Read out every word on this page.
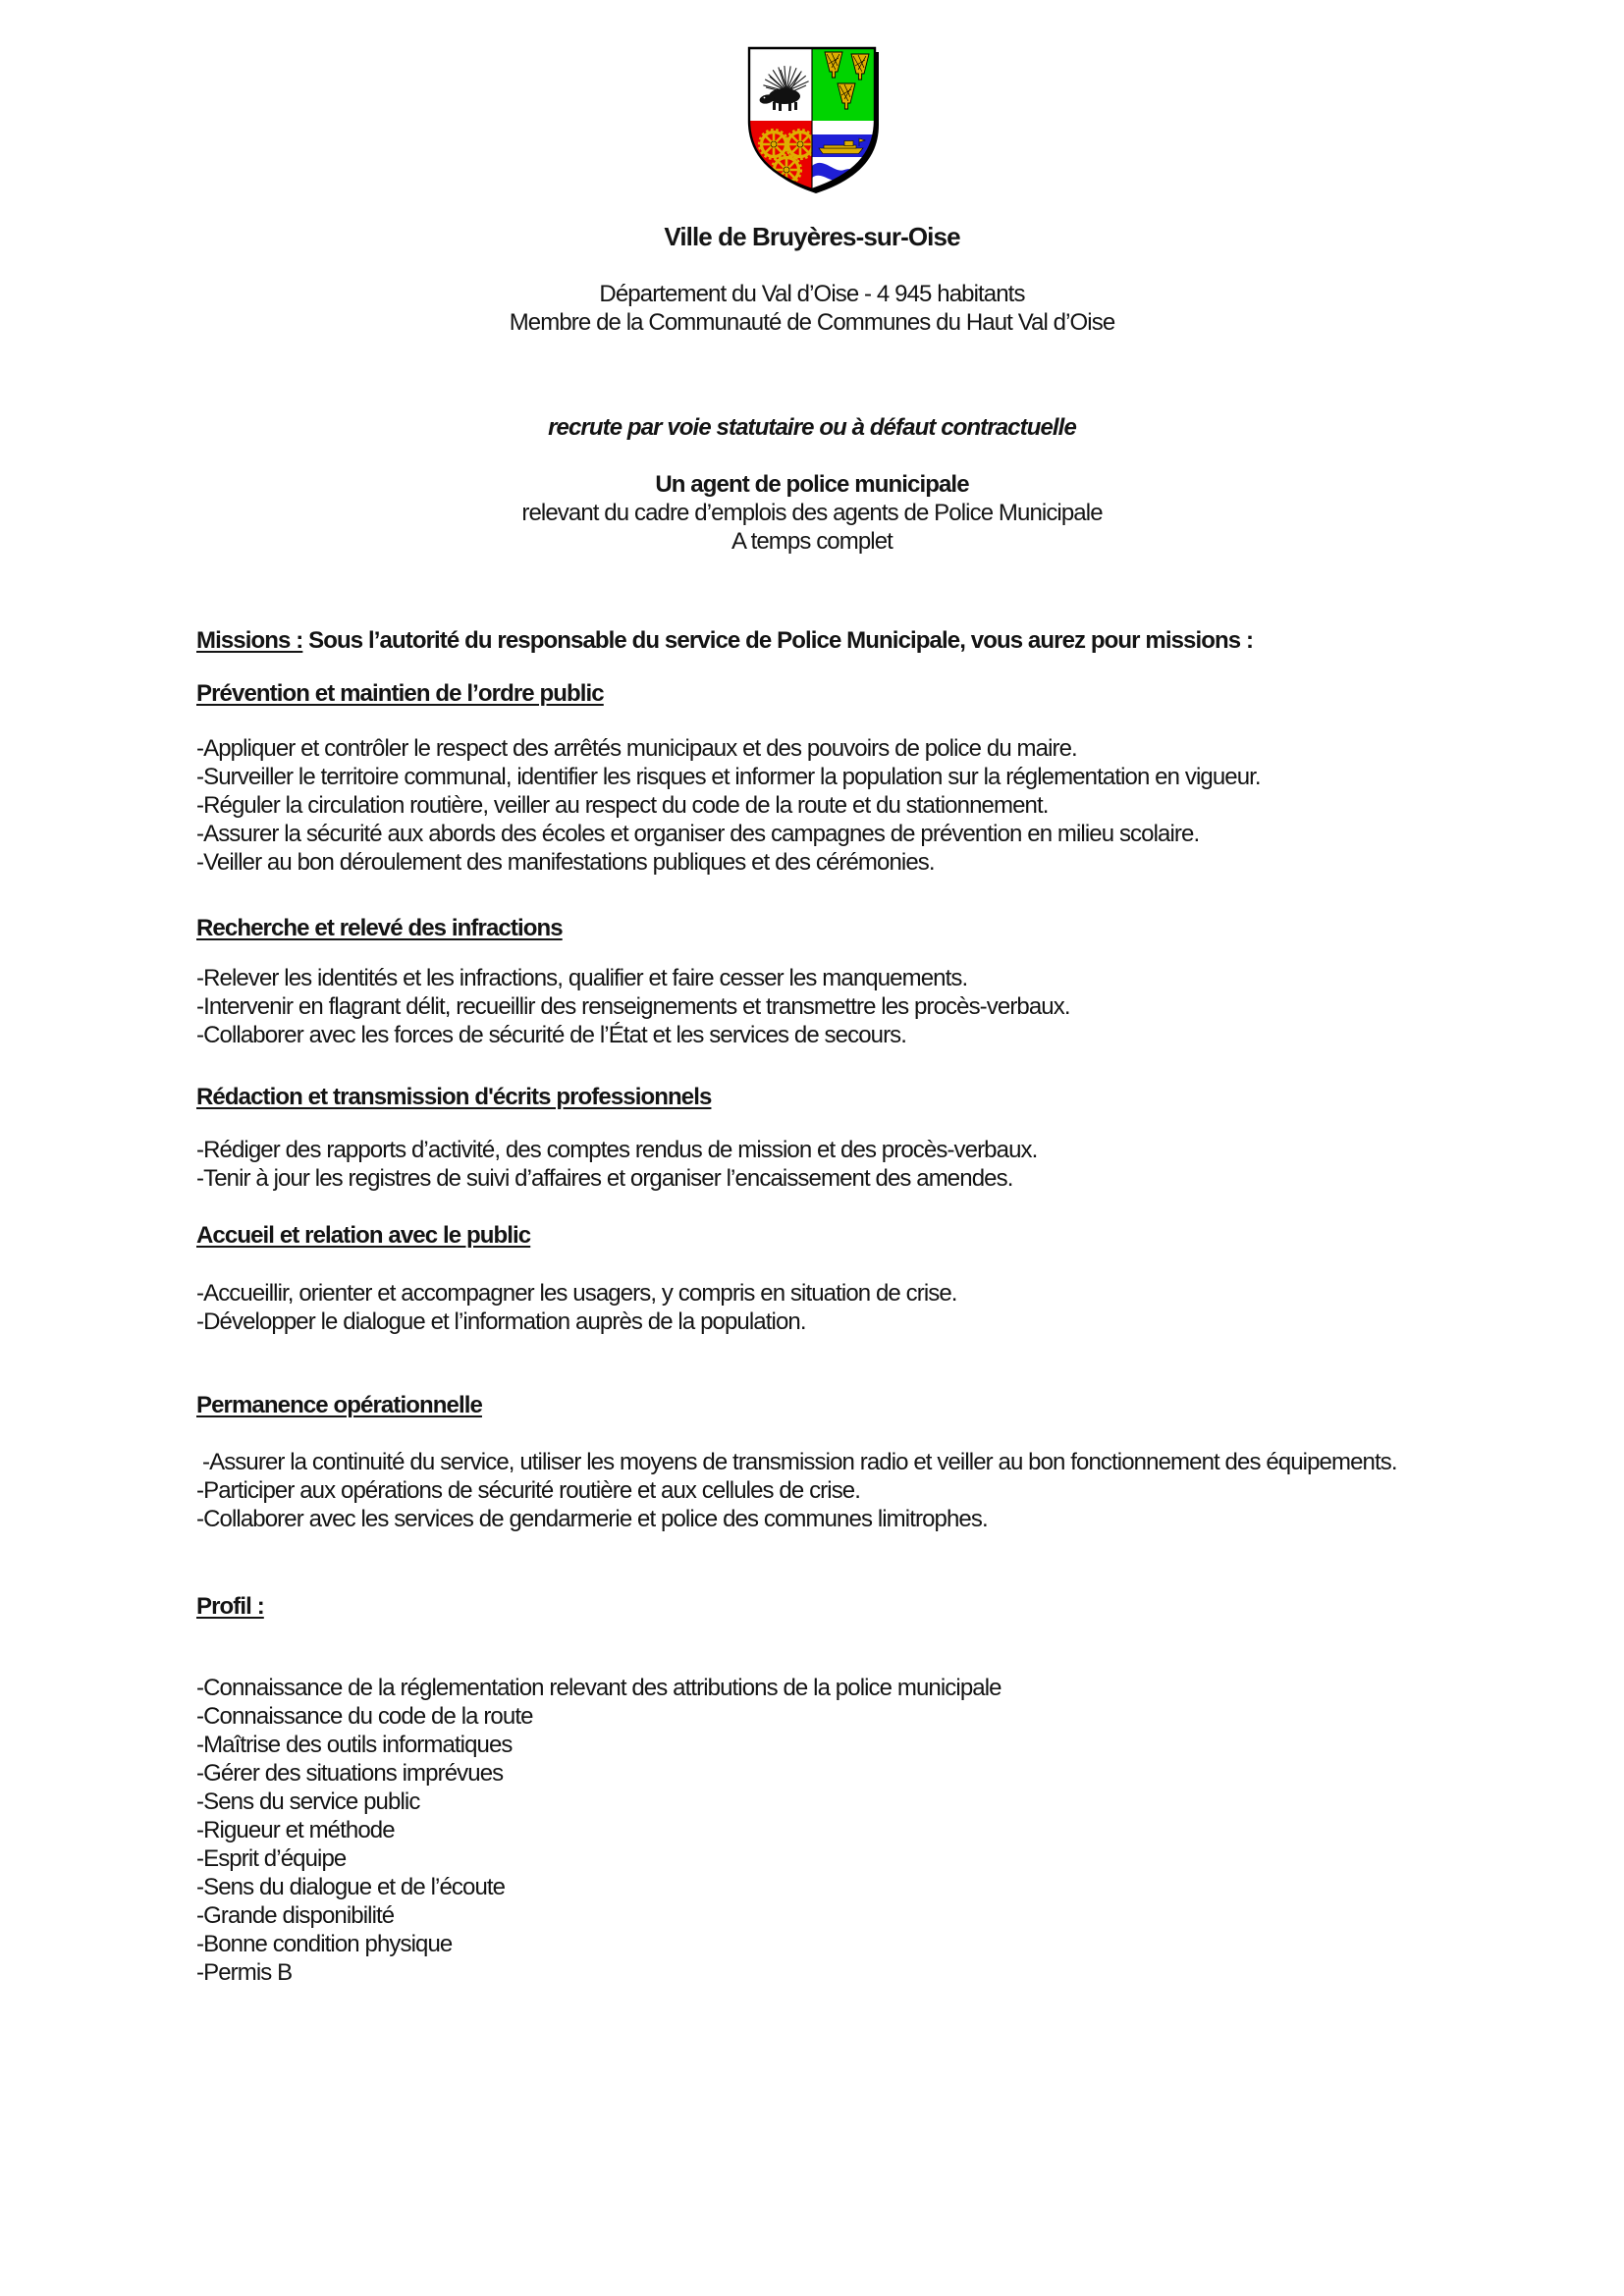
Ville de Bruyères-sur-Oise
Département du Val d’Oise - 4 945 habitants
Membre de la Communauté de Communes du Haut Val d’Oise
recrute par voie statutaire ou à défaut contractuelle
Un agent de police municipale
relevant du cadre d’emplois des agents de Police Municipale
A temps complet
Missions : Sous l’autorité du responsable du service de Police Municipale, vous aurez pour missions :
Prévention et maintien de l’ordre public
-Appliquer et contrôler le respect des arrêtés municipaux et des pouvoirs de police du maire.
-Surveiller le territoire communal, identifier les risques et informer la population sur la réglementation en vigueur.
-Réguler la circulation routière, veiller au respect du code de la route et du stationnement.
-Assurer la sécurité aux abords des écoles et organiser des campagnes de prévention en milieu scolaire.
-Veiller au bon déroulement des manifestations publiques et des cérémonies.
Recherche et relevé des infractions
-Relever les identités et les infractions, qualifier et faire cesser les manquements.
-Intervenir en flagrant délit, recueillir des renseignements et transmettre les procès-verbaux.
-Collaborer avec les forces de sécurité de l’État et les services de secours.
Rédaction et transmission d'écrits professionnels
-Rédiger des rapports d’activité, des comptes rendus de mission et des procès-verbaux.
-Tenir à jour les registres de suivi d’affaires et organiser l’encaissement des amendes.
Accueil et relation avec le public
-Accueillir, orienter et accompagner les usagers, y compris en situation de crise.
-Développer le dialogue et l’information auprès de la population.
Permanence opérationnelle
-Assurer la continuité du service, utiliser les moyens de transmission radio et veiller au bon fonctionnement des équipements.
-Participer aux opérations de sécurité routière et aux cellules de crise.
-Collaborer avec les services de gendarmerie et police des communes limitrophes.
Profil :
-Connaissance de la réglementation relevant des attributions de la police municipale
-Connaissance du code de la route
-Maîtrise des outils informatiques
-Gérer des situations imprévues
-Sens du service public
-Rigueur et méthode
-Esprit d’équipe
-Sens du dialogue et de l’écoute
-Grande disponibilité
-Bonne condition physique
-Permis B
